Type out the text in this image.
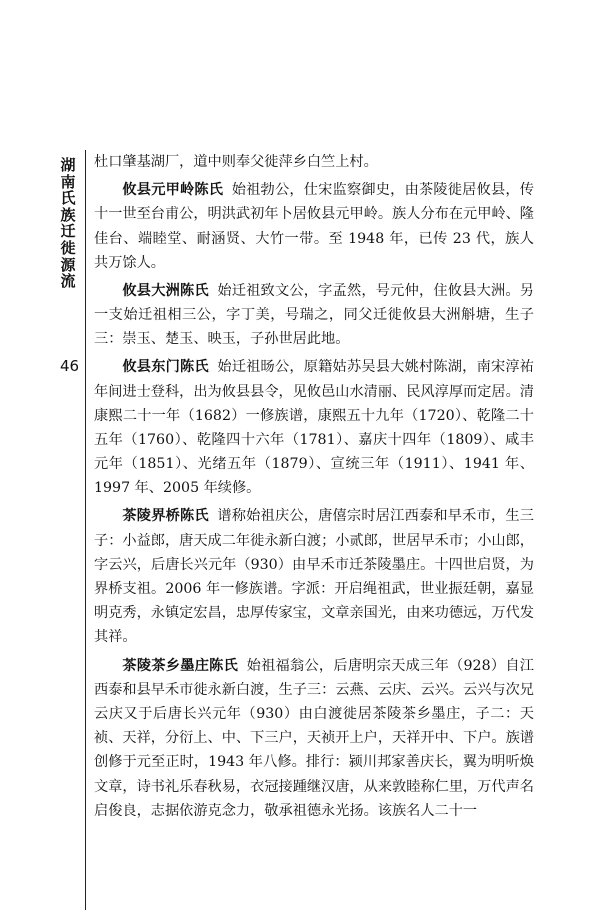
湖南氏族迁徙源流
46

杜口肇基湖厂，道中则奉父徙萍乡白竺上村。

攸县元甲岭陈氏 始祖勃公，仕宋监察御史，由茶陵徙居攸县，传十一世至台甫公，明洪武初年卜居攸县元甲岭。族人分布在元甲岭、隆佳台、端睦堂、耐涵贤、大竹一带。至 1948 年，已传 23 代，族人共万馀人。

攸县大洲陈氏 始迁祖致文公，字孟然，号元仲，住攸县大洲。另一支始迁祖相三公，字丁美，号瑞之，同父迁徙攸县大洲斛塘，生子三：崇玉、楚玉、映玉，子孙世居此地。

攸县东门陈氏 始迁祖旸公，原籍姑苏吴县大姚村陈湖，南宋淳祐年间进士登科，出为攸县县令，见攸邑山水清丽、民风淳厚而定居。清康熙二十一年（1682）一修族谱，康熙五十九年（1720）、乾隆二十五年（1760）、乾隆四十六年（1781）、嘉庆十四年（1809）、咸丰元年（1851）、光绪五年（1879）、宣统三年（1911）、1941 年、1997 年、2005 年续修。

茶陵界桥陈氏 谱称始祖庆公，唐僖宗时居江西泰和早禾市，生三子：小益郎，唐天成二年徙永新白渡；小贰郎，世居早禾市；小山郎，字云兴，后唐长兴元年（930）由早禾市迁茶陵墨庄。十四世启贤，为界桥支祖。2006 年一修族谱。字派：开启绳祖武，世业振廷朝，嘉显明克秀，永镇定宏昌，忠厚传家宝，文章亲国光，由来功德远，万代发其祥。

茶陵茶乡墨庄陈氏 始祖福翁公，后唐明宗天成三年（928）自江西泰和县早禾市徙永新白渡，生子三：云燕、云庆、云兴。云兴与次兄云庆又于后唐长兴元年（930）由白渡徙居茶陵茶乡墨庄，子二：天祯、天祥，分衍上、中、下三户，天祯开上户，天祥开中、下户。族谱创修于元至正时，1943 年八修。排行：颍川邦家善庆长，翼为明听焕文章，诗书礼乐春秋易，衣冠接踵继汉唐，从来敦睦称仁里，万代声名启俊良，志据依游克念力，敬承祖德永光扬。该族名人二十一
